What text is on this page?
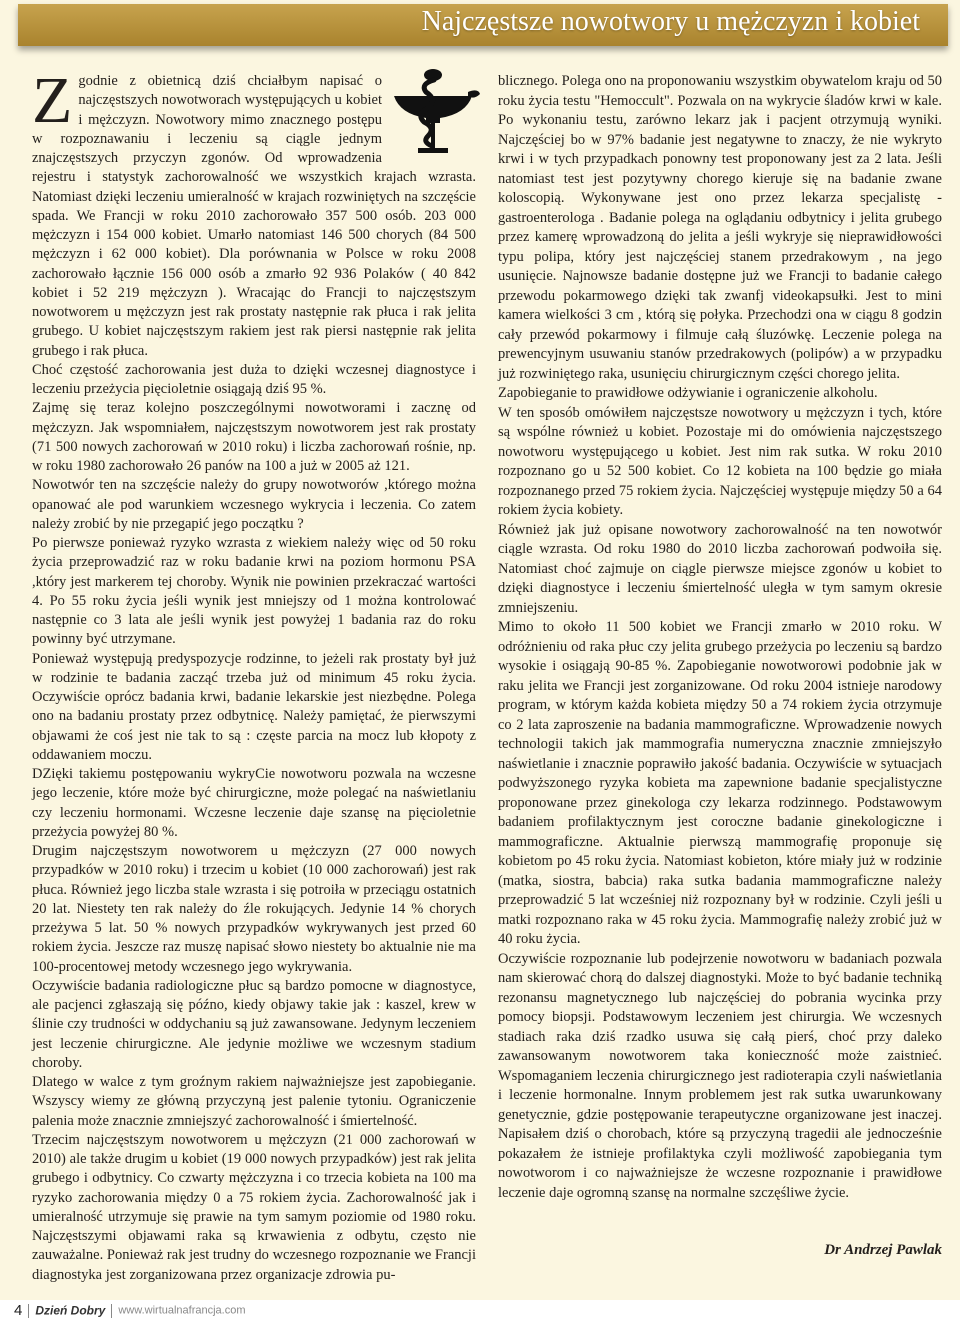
Najczęstsze nowotwory u mężczyzn i kobiet

Z godnie z obietnicą dziś chciałbym napisać o najczęstszych nowotworach występujących u kobiet i mężczyzn. Nowotwory mimo znacznego postępu w rozpoznawaniu i leczeniu są ciągle jednym znajczęstszych przyczyn zgonów. Od wprowadzenia rejestru i statystyk zachorowalność we wszystkich krajach wzrasta. Natomiast dzięki leczeniu umieralność w krajach rozwiniętych na szczęście spada. We Francji w roku 2010 zachorowało 357 500 osób. 203 000 mężczyzn i 154 000 kobiet. Umarło natomiast 146 500 chorych (84 500 mężczyzn i 62 000 kobiet). Dla porównania w Polsce w roku 2008 zachorowało łącznie 156 000 osób a zmarło 92 936 Polaków ( 40 842 kobiet i 52 219 mężczyzn ). Wracając do Francji to najczęstszym nowotworem u mężczyzn jest rak prostaty następnie rak płuca i rak jelita grubego. U kobiet najczęstszym rakiem jest rak piersi następnie rak jelita grubego i rak płuca.

Choć częstość zachorowania jest duża to dzięki wczesnej diagnostyce i leczeniu przeżycia pięcioletnie osiągają dziś 95 %.

Zajmę się teraz kolejno poszczególnymi nowotworami i zacznę od mężczyzn. Jak wspomniałem, najczęstszym nowotworem jest rak prostaty (71 500 nowych zachorowań w 2010 roku) i liczba zachorowań rośnie, np. w roku 1980 zachorowało 26 panów na 100 a już w 2005 aż 121.

Nowotwór ten na szczęście należy do grupy nowotworów ,którego można opanować ale pod warunkiem wczesnego wykrycia i leczenia. Co zatem należy zrobić by nie przegapić jego początku ?

Po pierwsze ponieważ ryzyko wzrasta z wiekiem należy więc od 50 roku życia przeprowadzić raz w roku badanie krwi na poziom hormonu PSA ,który jest markerem tej choroby. Wynik nie powinien przekraczać wartości 4. Po 55 roku życia jeśli wynik jest mniejszy od 1 można kontrolować następnie co 3 lata ale jeśli wynik jest powyżej 1 badania raz do roku powinny być utrzymane.

Ponieważ występują predyspozycje rodzinne, to jeżeli rak prostaty był już w rodzinie te badania zacząć trzeba już od minimum 45 roku życia. Oczywiście oprócz badania krwi, badanie lekarskie jest niezbędne. Polega ono na badaniu prostaty przez odbytnicę. Należy pamiętać, że pierwszymi objawami że coś jest nie tak to są : częste parcia na mocz lub kłopoty z oddawaniem moczu.

DZięki takiemu postępowaniu wykryCie nowotworu pozwala na wczesne jego leczenie, które może być chirurgiczne, może polegać na naświetlaniu czy leczeniu hormonami. Wczesne leczenie daje szansę na pięcioletnie przeżycia powyżej 80 %.

Drugim najczęstszym nowotworem u mężczyzn (27 000 nowych przypadków w 2010 roku) i trzecim u kobiet (10 000 zachorowań) jest rak płuca. Również jego liczba stale wzrasta i się potroiła w przeciągu ostatnich 20 lat. Niestety ten rak należy do źle rokujących. Jedynie 14 % chorych przeżywa 5 lat. 50 % nowych przypadków wykrywanych jest przed 60 rokiem życia. Jeszcze raz muszę napisać słowo niestety bo aktualnie nie ma 100-procentowej metody wczesnego jego wykrywania.

Oczywiście badania radiologiczne płuc są bardzo pomocne w diagnostyce, ale pacjenci zgłaszają się późno, kiedy objawy takie jak : kaszel, krew w ślinie czy trudności w oddychaniu są już zawansowane. Jedynym leczeniem jest leczenie chirurgiczne. Ale jedynie możliwe we wczesnym stadium choroby.

Dlatego w walce z tym groźnym rakiem najważniejsze jest zapobieganie. Wszyscy wiemy ze główną przyczyną jest palenie tytoniu. Ograniczenie palenia może znacznie zmniejszyć zachorowalność i śmiertelność.

Trzecim najczęstszym nowotworem u mężczyzn (21 000 zachorowań w 2010) ale także drugim u kobiet (19 000 nowych przypadków) jest rak jelita grubego i odbytnicy. Co czwarty mężczyzna i co trzecia kobieta na 100 ma ryzyko zachorowania między 0 a 75 rokiem życia. Zachorowalność jak i umieralność utrzymuje się prawie na tym samym poziomie od 1980 roku. Najczęstszymi objawami raka są krwawienia z odbytu, często nie zauważalne. Ponieważ rak jest trudny do wczesnego rozpoznanie we Francji diagnostyka jest zorganizowana przez organizacje zdrowia pu-

blicznego. Polega ono na proponowaniu wszystkim obywatelom kraju od 50 roku życia testu "Hemoccult". Pozwala on na wykrycie śladów krwi w kale. Po wykonaniu testu, zarówno lekarz jak i pacjent otrzymują wyniki. Najczęściej bo w 97% badanie jest negatywne to znaczy, że nie wykryto krwi i w tych przypadkach ponowny test proponowany jest za 2 lata. Jeśli natomiast test jest pozytywny chorego kieruje się na badanie zwane koloscopią. Wykonywane jest ono przez lekarza specjalistę - gastroenterologa . Badanie polega na oglądaniu odbytnicy i jelita grubego przez kamerę wprowadzoną do jelita a jeśli wykryje się nieprawidłowości typu polipa, który jest najczęściej stanem przedrakowym , na jego usunięcie. Najnowsze badanie dostępne już we Francji to badanie całego przewodu pokarmowego dzięki tak zwanfj videokapsułki. Jest to mini kamera wielkości 3 cm , którą się połyka. Przechodzi ona w ciągu 8 godzin cały przewód pokarmowy i filmuje całą śluzówkę. Leczenie polega na prewencyjnym usuwaniu stanów przedrakowych (polipów) a w przypadku już rozwiniętego raka, usunięciu chirurgicznym części chorego jelita.

Zapobieganie to prawidłowe odżywianie i ograniczenie alkoholu.

W ten sposób omówiłem najczęstsze nowotwory u mężczyzn i tych, które są wspólne również u kobiet. Pozostaje mi do omówienia najczęstszego nowotworu występującego u kobiet. Jest nim rak sutka. W roku 2010 rozpoznano go u 52 500 kobiet. Co 12 kobieta na 100 będzie go miała rozpoznanego przed 75 rokiem życia. Najczęściej występuje między 50 a 64 rokiem życia kobiety.

Również jak już opisane nowotwory zachorowalność na ten nowotwór ciągle wzrasta. Od roku 1980 do 2010 liczba zachorowań podwoiła się. Natomiast choć zajmuje on ciągle pierwsze miejsce zgonów u kobiet to dzięki diagnostyce i leczeniu śmiertelność uległa w tym samym okresie zmniejszeniu.

Mimo to około 11 500 kobiet we Francji zmarło w 2010 roku. W odróżnieniu od raka płuc czy jelita grubego przeżycia po leczeniu są bardzo wysokie i osiągają 90-85 %. Zapobieganie nowotworowi podobnie jak w raku jelita we Francji jest zorganizowane. Od roku 2004 istnieje narodowy program, w którym każda kobieta między 50 a 74 rokiem życia otrzymuje co 2 lata zaproszenie na badania mammograficzne. Wprowadzenie nowych technologii takich jak mammografia numeryczna znacznie zmniejszyło naświetlanie i znacznie poprawiło jakość badania. Oczywiście w sytuacjach podwyższonego ryzyka kobieta ma zapewnione badanie specjalistyczne proponowane przez ginekologa czy lekarza rodzinnego. Podstawowym badaniem profilaktycznym jest coroczne badanie ginekologiczne i mammograficzne. Aktualnie pierwszą mammografię proponuje się kobietom po 45 roku życia. Natomiast kobieton, które miały już w rodzinie (matka, siostra, babcia) raka sutka badania mammograficzne należy przeprowadzić 5 lat wcześniej niż rozpoznany był w rodzinie. Czyli jeśli u matki rozpoznano raka w 45 roku życia. Mammografię należy zrobić już w 40 roku życia.

Oczywiście rozpoznanie lub podejrzenie nowotworu w badaniach pozwala nam skierować chorą do dalszej diagnostyki. Może to być badanie techniką rezonansu magnetycznego lub najczęściej do pobrania wycinka przy pomocy biopsji. Podstawowym leczeniem jest chirurgia. We wczesnych stadiach raka dziś rzadko usuwa się całą pierś, choć przy daleko zawansowanym nowotworem taka konieczność może zaistnieć. Wspomaganiem leczenia chirurgicznego jest radioterapia czyli naświetlania i leczenie hormonalne. Innym problemem jest rak sutka uwarunkowany genetycznie, gdzie postępowanie terapeutyczne organizowane jest inaczej. Napisałem dziś o chorobach, które są przyczyną tragedii ale jednocześnie pokazałem że istnieje profilaktyka czyli możliwość zapobiegania tym nowotworom i co najważniejsze że wczesne rozpoznanie i prawidłowe leczenie daje ogromną szansę na normalne szczęśliwe życie.

Dr Andrzej Pawlak
4 Dzień Dobry www.wirtualnafrancja.com
